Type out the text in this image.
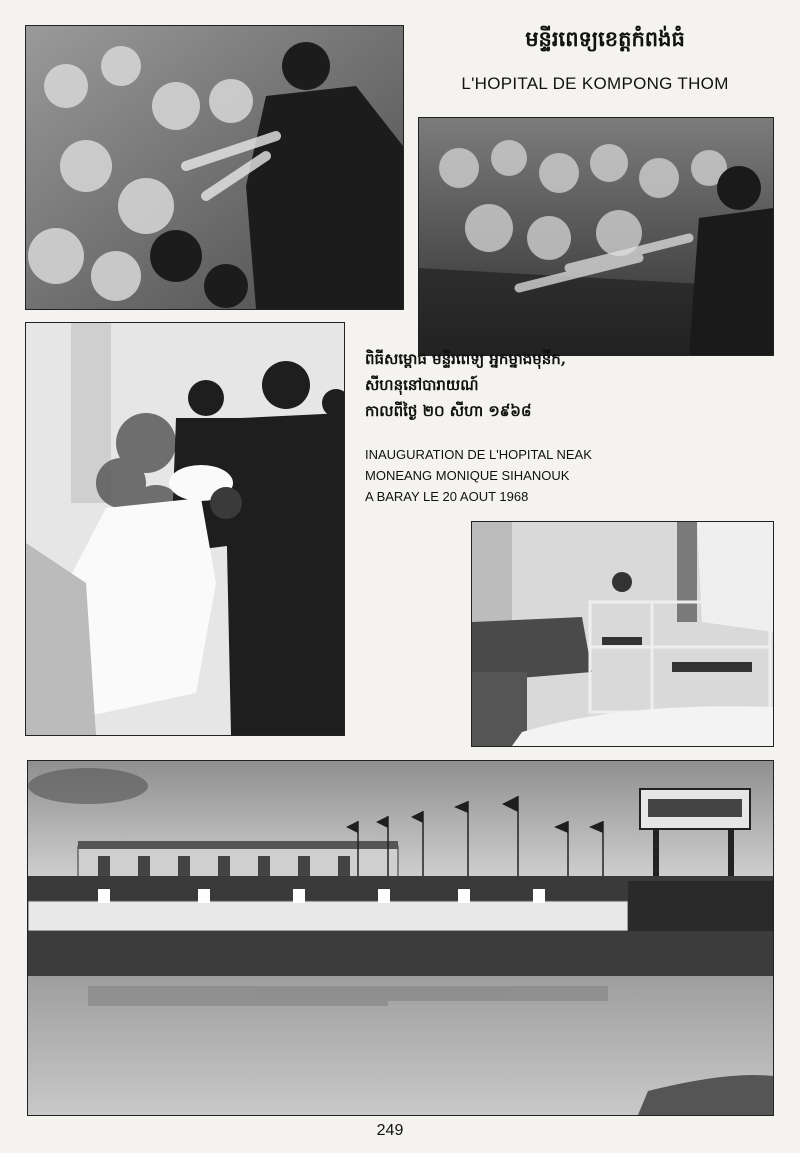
មន្ទីរពេទ្យខេត្តកំពង់ធំ
L'HOPITAL DE KOMPONG THOM
ពិធីសម្ពោធ មន្ទីរពេទ្យ អ្នកម្នាងមុនីក,
សីហនុនៅបារាយណ៍
កាលពីថ្ងៃ ២០ សីហា ១៩៦៨
INAUGURATION DE L'HOPITAL NEAK
MONEANG MONIQUE SIHANOUK
A BARAY LE 20 AOUT 1968
249
